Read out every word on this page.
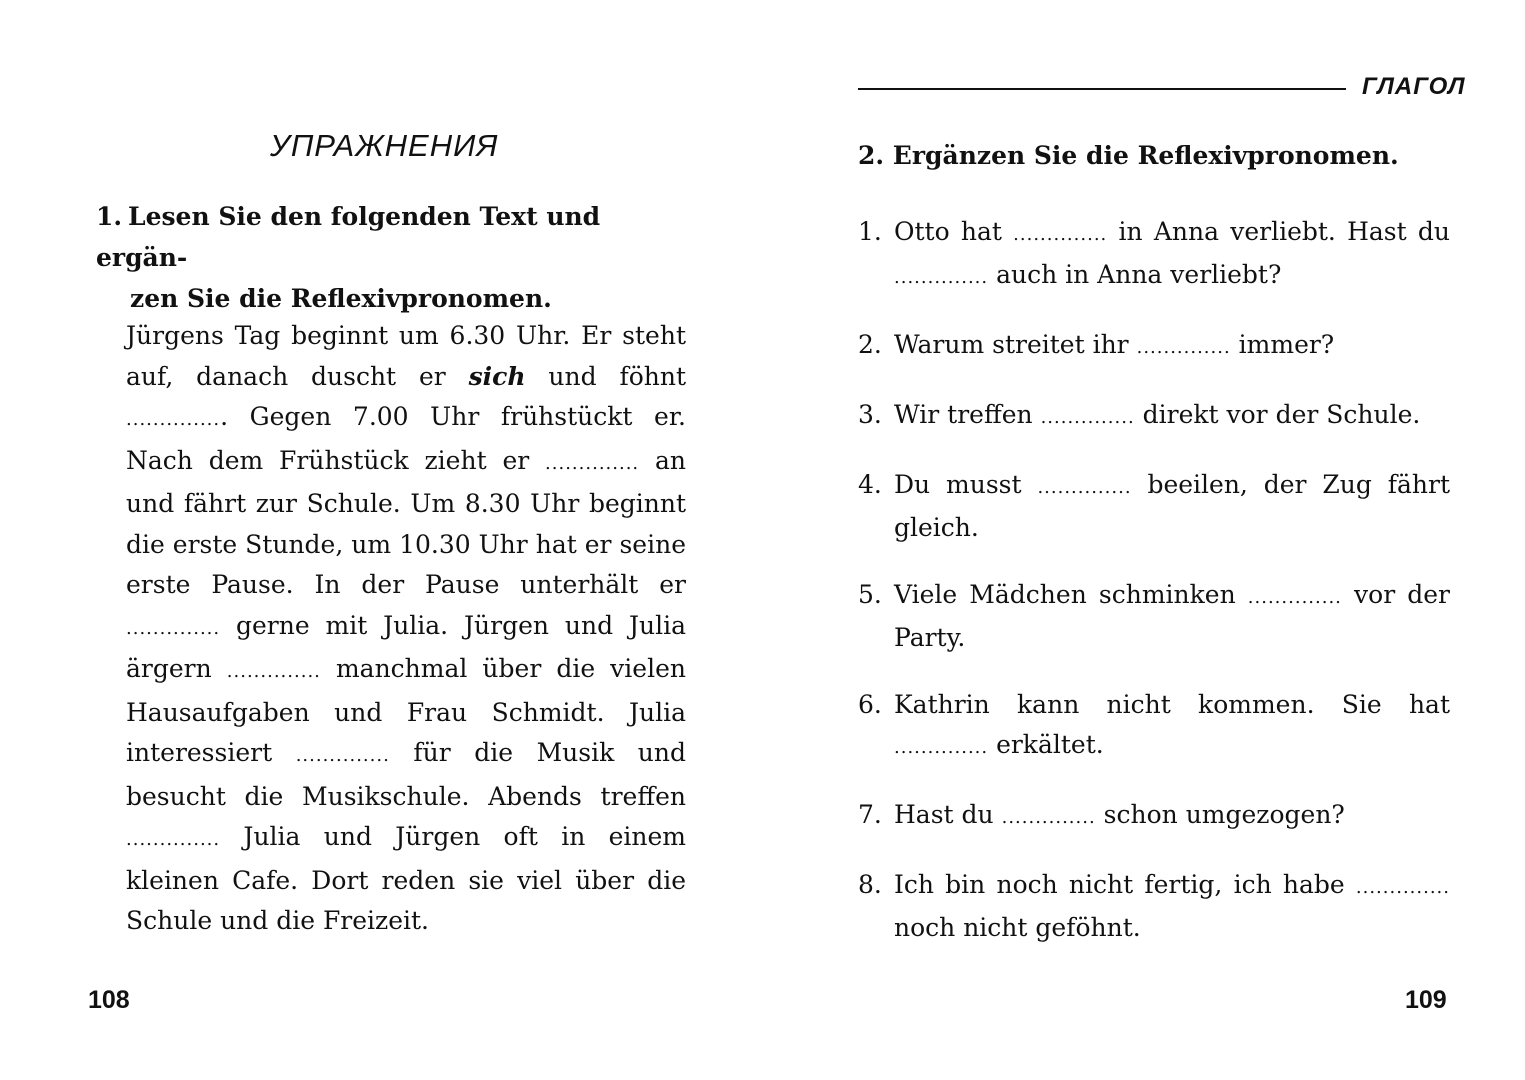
УПРАЖНЕНИЯ
1. Lesen Sie den folgenden Text und ergän-
zen Sie die Reflexivpronomen.
Jürgens Tag beginnt um 6.30 Uhr. Er steht auf, danach duscht er sich und föhnt ............... Gegen 7.00 Uhr frühstückt er. Nach dem Frühstück zieht er .............. an und fährt zur Schule. Um 8.30 Uhr beginnt die erste Stunde, um 10.30 Uhr hat er seine erste Pause. In der Pause unterhält er .............. gerne mit Julia. Jürgen und Julia ärgern .............. manchmal über die vielen Hausaufgaben und Frau Schmidt. Julia interessiert .............. für die Musik und besucht die Musikschule. Abends treffen .............. Julia und Jürgen oft in einem kleinen Cafe. Dort reden sie viel über die Schule und die Freizeit.
108
ГЛАГОЛ
2. Ergänzen Sie die Reflexivpronomen.
1. Otto hat .............. in Anna verliebt. Hast du .............. auch in Anna verliebt?
2. Warum streitet ihr .............. immer?
3. Wir treffen .............. direkt vor der Schule.
4. Du musst .............. beeilen, der Zug fährt gleich.
5. Viele Mädchen schminken .............. vor der Party.
6. Kathrin kann nicht kommen. Sie hat .............. erkältet.
7. Hast du .............. schon umgezogen?
8. Ich bin noch nicht fertig, ich habe .............. noch nicht geföhnt.
109
